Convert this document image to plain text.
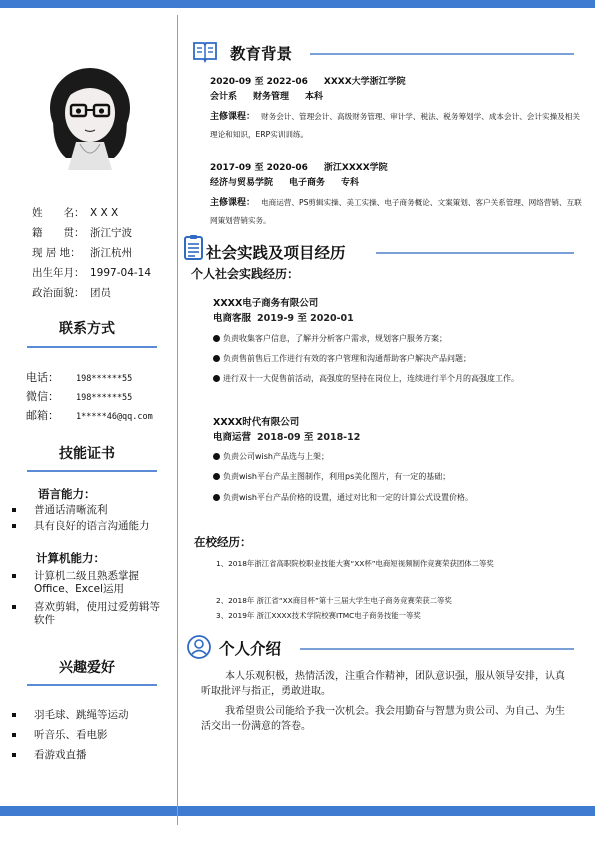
姓　　名： X X X
籍　　贯： 浙江宁波
现 居 地： 浙江杭州
出生年月： 1997-04-14
政治面貌： 团员
联系方式
电话： 198******55
微信： 198******55
邮箱： 1*****46@qq.com
技能证书
语言能力：
普通话清晰流利
具有良好的语言沟通能力
计算机能力：
计算机二级且熟悉掌握Office、Excel运用
喜欢剪辑，使用过爱剪辑等软件
兴趣爱好
羽毛球、跳绳等运动
听音乐、看电影
看游戏直播
教育背景
2020-09 至 2022-06 XXXX大学浙江学院
会计系 财务管理 本科
主修课程： 财务会计、管理会计、高级财务管理、审计学、税法、税务筹划学、成本会计、会计实操及相关理论和知识，ERP实训训练。
2017-09 至 2020-06 浙江XXXX学院
经济与贸易学院 电子商务 专科
主修课程： 电商运营、PS剪辑实操、美工实操、电子商务概论、文案策划、客户关系管理、网络营销、互联网策划营销实务。
社会实践及项目经历
个人社会实践经历：
XXXX电子商务有限公司
电商客服 2019-9 至 2020-01
负责收集客户信息，了解并分析客户需求，规划客户服务方案；
负责售前售后工作进行有效的客户管理和沟通帮助客户解决产品问题；
进行双十一大促售前活动，高强度的坚持在岗位上，连续进行半个月的高强度工作。
XXXX时代有限公司
电商运营 2018-09 至 2018-12
负责公司wish产品选与上架；
负责wish平台产品主图制作，利用ps美化图片，有一定的基础；
负责wish平台产品价格的设置，通过对比和一定的计算公式设置价格。
在校经历：
1、2018年浙江省高职院校职业技能大赛“XX杯”电商短视频制作竞赛荣获团体二等奖
2、2018年 浙江省“XX商目杯”第十三届大学生电子商务竞赛荣获二等奖
3、2019年 浙江XXXX技术学院校赛ITMC电子商务技能一等奖
个人介绍
本人乐观积极，热情活泼，注重合作精神，团队意识强，服从领导安排，认真听取批评与指正，勇敢进取。
我希望贵公司能给予我一次机会。我会用勤奋与智慧为贵公司、为自己、为生活交出一份满意的答卷。
